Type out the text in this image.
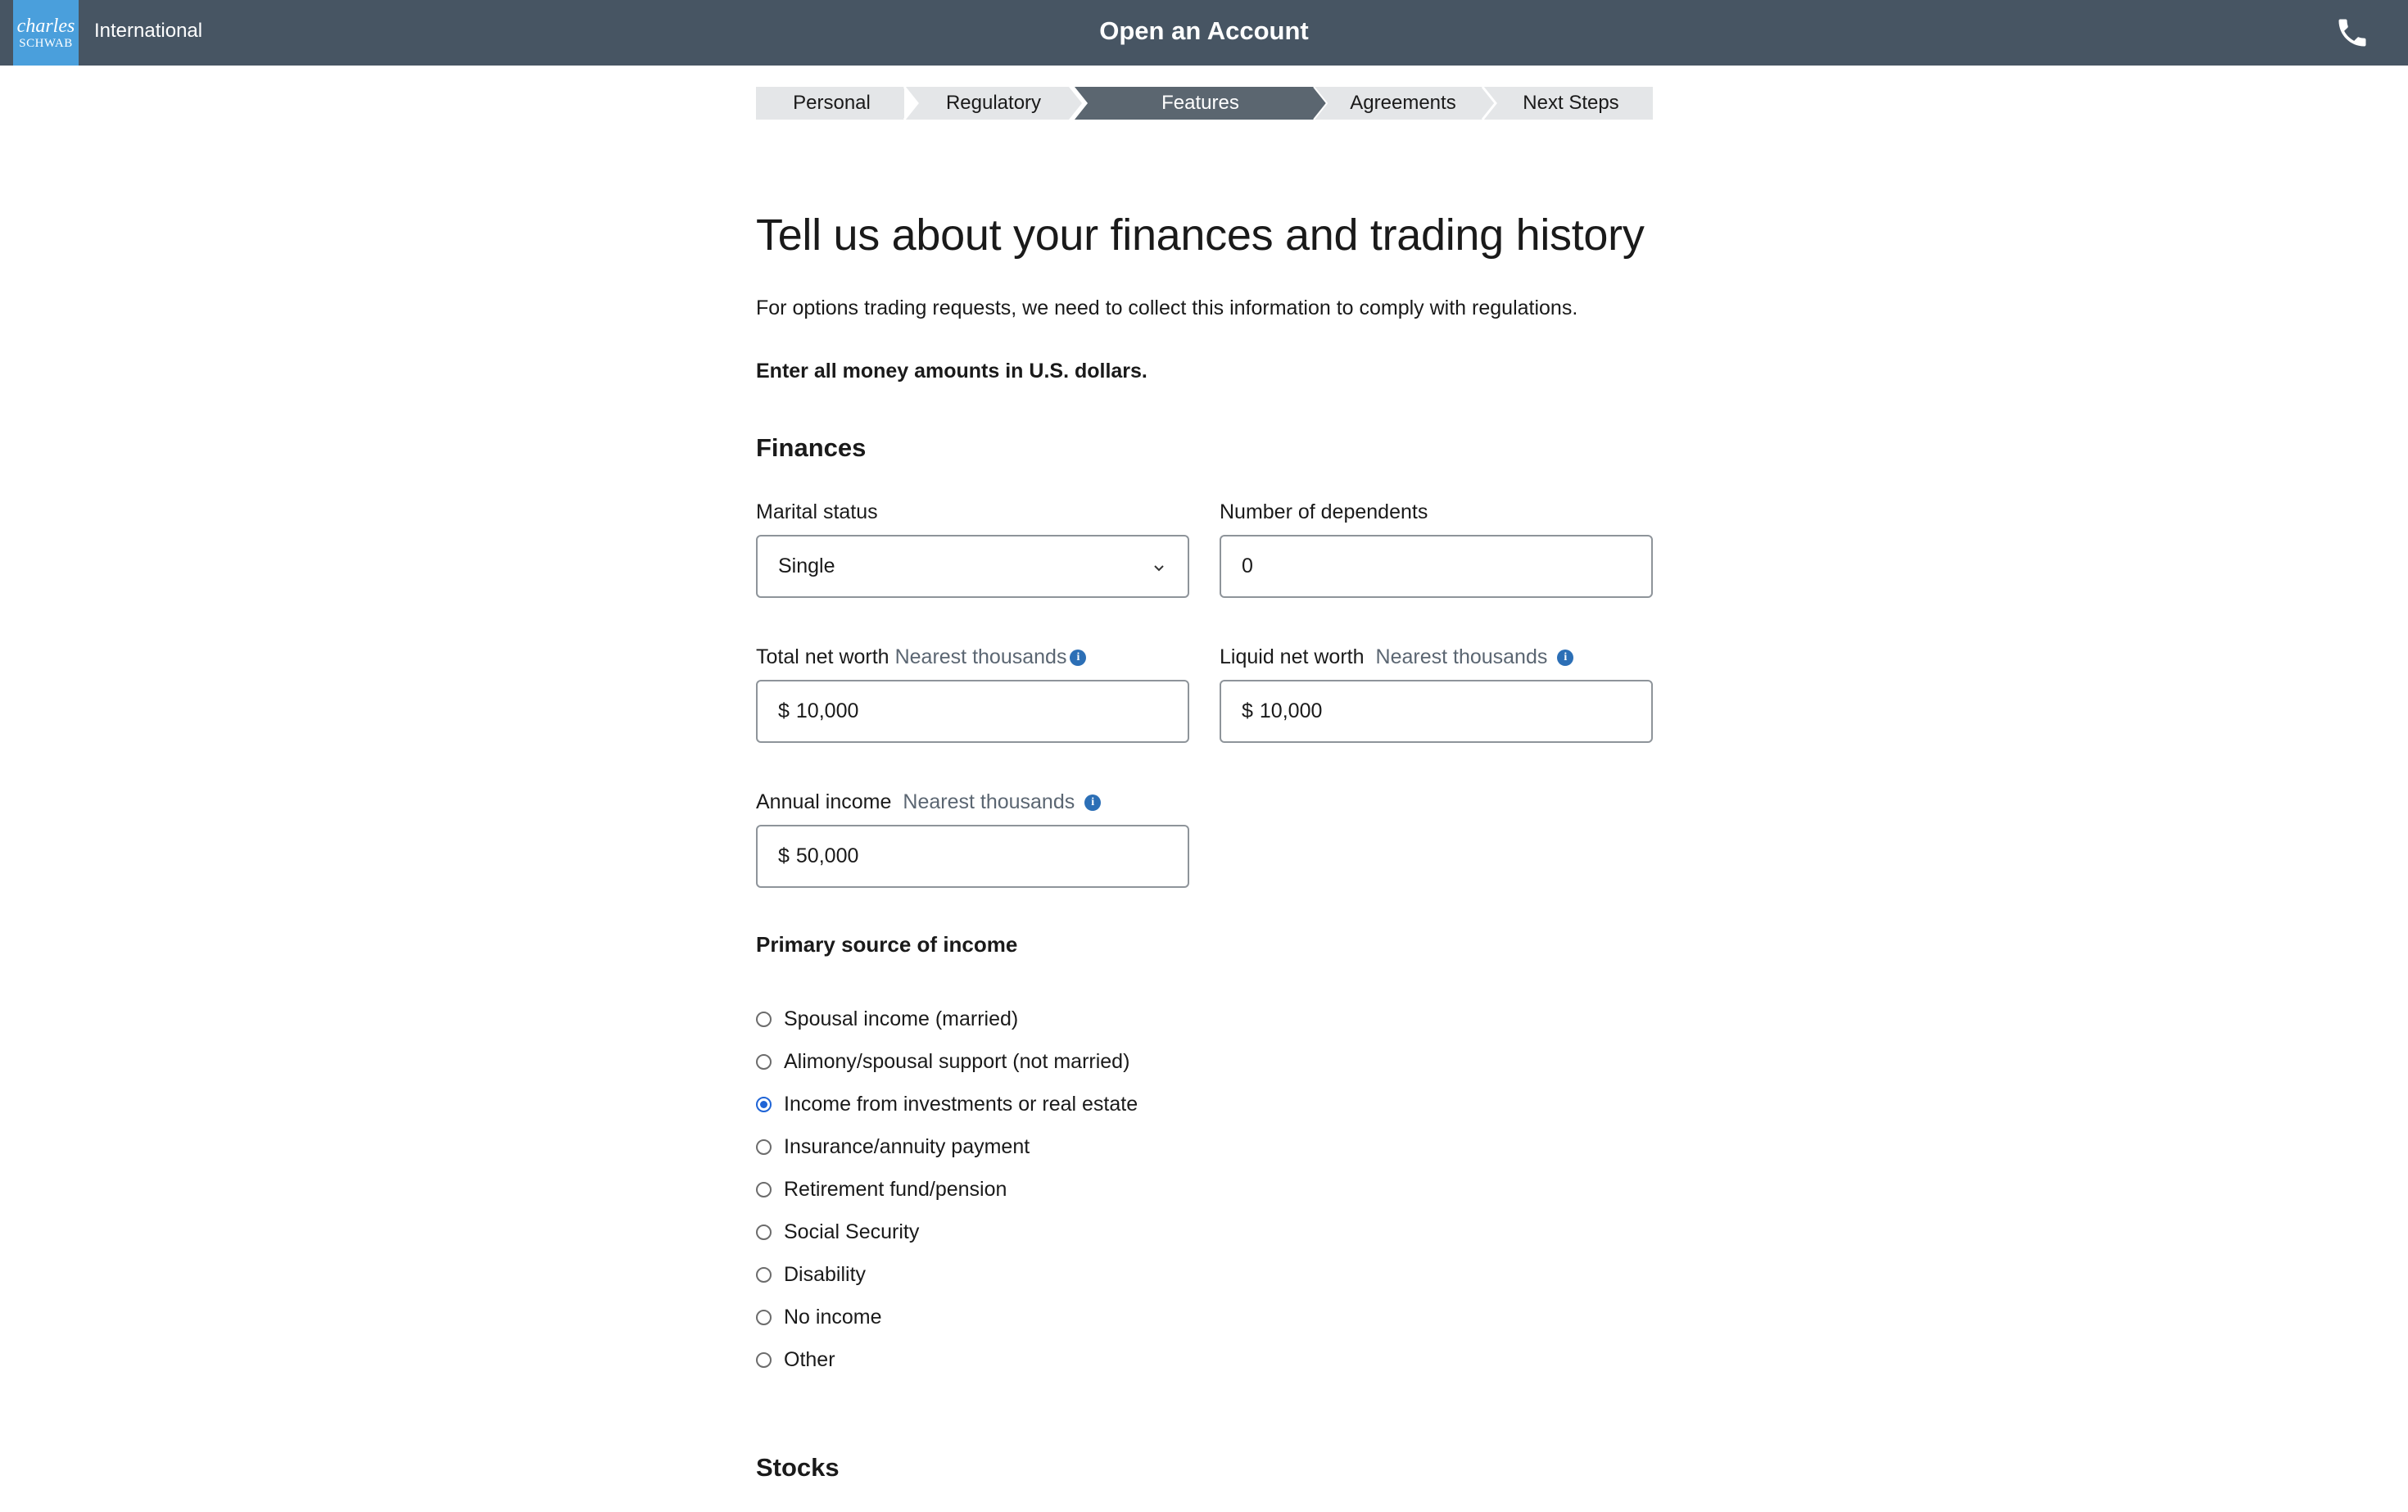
charles
SCHWAB
International	Open an Account
Personal	Regulatory	Features	Agreements	Next Steps
Tell us about your finances and trading history
For options trading requests, we need to collect this information to comply with regulations.
Enter all money amounts in U.S. dollars.
Finances
Marital status
Single
Number of dependents
0
Total net worth Nearest thousands i
$ 10,000
Liquid net worth Nearest thousands	i
$ 10,000
Annual income Nearest thousands	i
$ 50,000
Primary source of income
Spousal income (married)
Alimony/spousal support (not married)
Income from investments or real estate
Insurance/annuity payment
Retirement fund/pension
Social Security
Disability
No income
Other
Stocks
